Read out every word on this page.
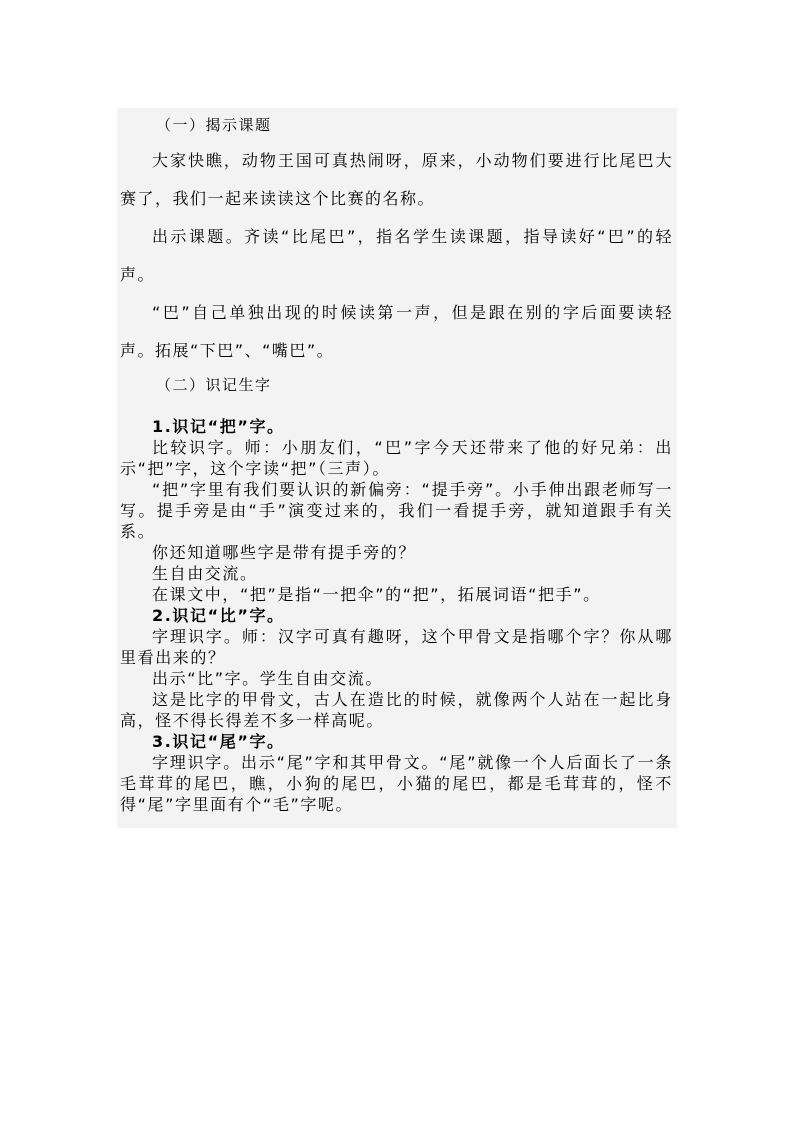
（一）揭示课题

大家快瞧，动物王国可真热闹呀，原来，小动物们要进行比尾巴大赛了，我们一起来读读这个比赛的名称。

出示课题。齐读“比尾巴”，指名学生读课题，指导读好“巴”的轻声。

“巴”自己单独出现的时候读第一声，但是跟在别的字后面要读轻声。拓展“下巴”、“嘴巴”。

（二）识记生字

1.识记“把”字。

比较识字。师：小朋友们，“巴”字今天还带来了他的好兄弟：出示“把”字，这个字读“把”（三声）。

“把”字里有我们要认识的新偏旁：“提手旁”。小手伸出跟老师写一写。提手旁是由“手”演变过来的，我们一看提手旁，就知道跟手有关系。

你还知道哪些字是带有提手旁的？

生自由交流。

在课文中，“把”是指“一把伞”的“把”，拓展词语“把手”。

2.识记“比”字。

字理识字。师：汉字可真有趣呀，这个甲骨文是指哪个字？你从哪里看出来的？

出示“比”字。学生自由交流。

这是比字的甲骨文，古人在造比的时候，就像两个人站在一起比身高，怪不得长得差不多一样高呢。

3.识记“尾”字。

字理识字。出示“尾”字和其甲骨文。“尾”就像一个人后面长了一条毛茸茸的尾巴，瞧，小狗的尾巴，小猫的尾巴，都是毛茸茸的，怪不得“尾”字里面有个“毛”字呢。
